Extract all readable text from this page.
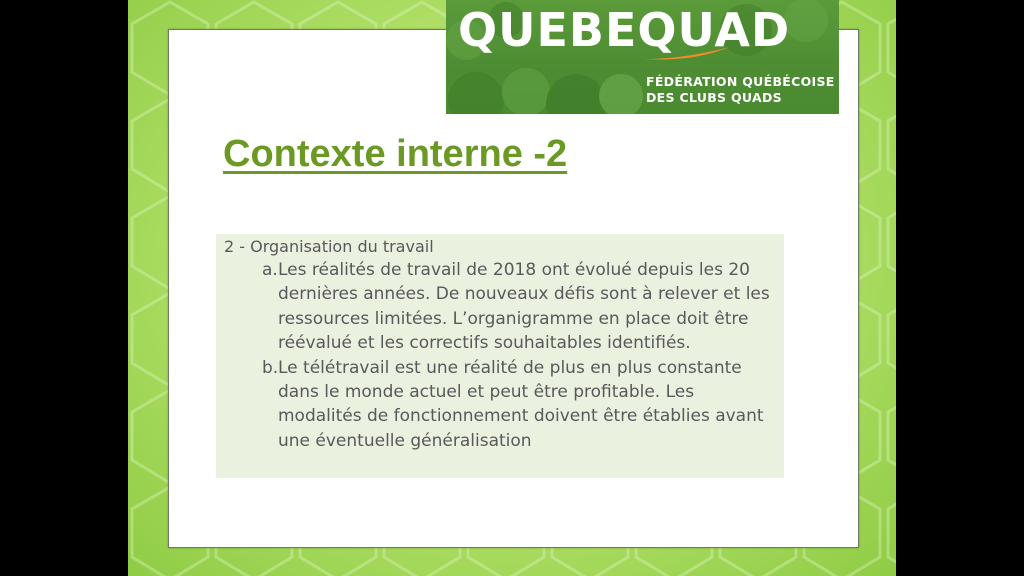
QUEBEQUAD
FÉDÉRATION QUÉBÉCOISE
DES CLUBS QUADS
Contexte interne -2
2 - Organisation du travail
a. Les réalités de travail de 2018 ont évolué depuis les 20 dernières années. De nouveaux défis sont à relever et les ressources limitées. L’organigramme en place doit être réévalué et les correctifs souhaitables identifiés.
b. Le télétravail est une réalité de plus en plus constante dans le monde actuel et peut être profitable. Les modalités de fonctionnement doivent être établies avant une éventuelle généralisation
